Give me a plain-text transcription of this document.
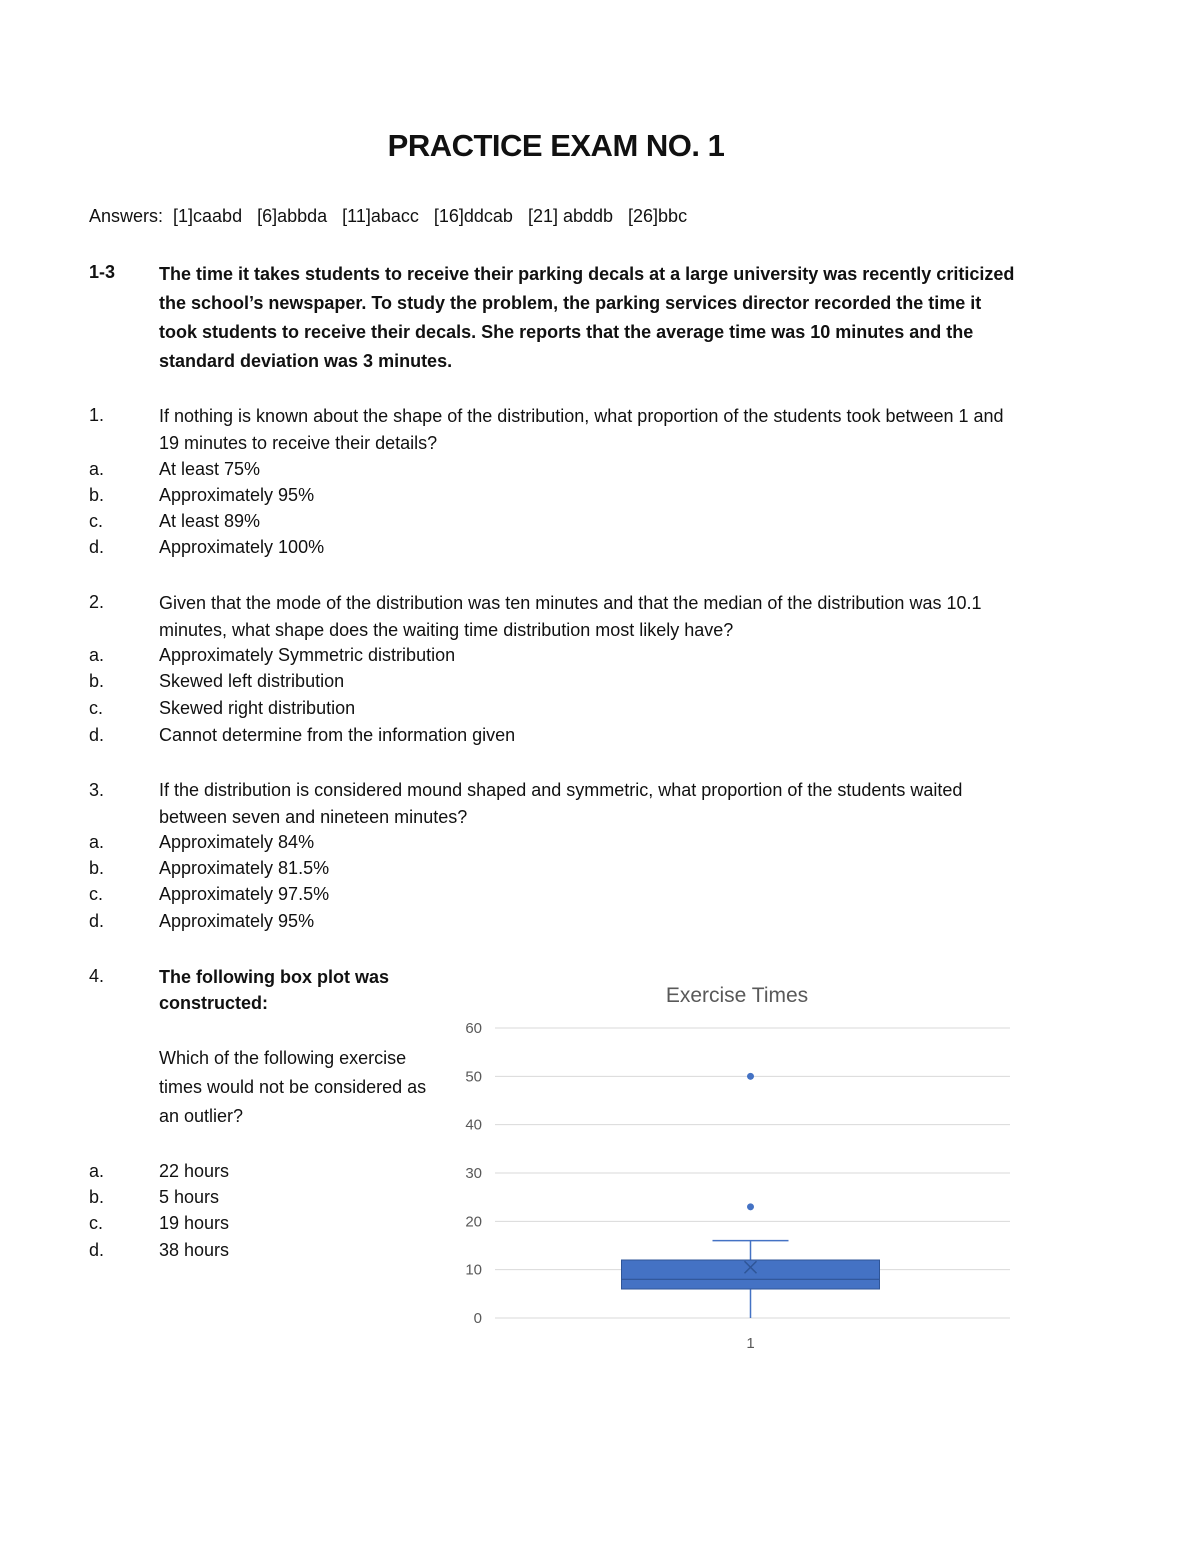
PRACTICE EXAM NO. 1
Answers:  [1]caabd   [6]abbda   [11]abacc   [16]ddcab   [21] abddb   [26]bbc
1-3 The time it takes students to receive their parking decals at a large university was recently criticized the school’s newspaper. To study the problem, the parking services director recorded the time it took students to receive their decals. She reports that the average time was 10 minutes and the standard deviation was 3 minutes.
1.	If nothing is known about the shape of the distribution, what proportion of the students took between 1 and 19 minutes to receive their details?
a.	At least 75%
b.	Approximately 95%
c.	At least 89%
d.	Approximately 100%
2.	Given that the mode of the distribution was ten minutes and that the median of the distribution was 10.1 minutes, what shape does the waiting time distribution most likely have?
a.	Approximately Symmetric distribution
b.	Skewed left distribution
c.	Skewed right distribution
d.	Cannot determine from the information given
3.	If the distribution is considered mound shaped and symmetric, what proportion of the students waited between seven and nineteen minutes?
a.	Approximately 84%
b.	Approximately 81.5%
c.	Approximately 97.5%
d.	Approximately 95%
4.	The following box plot was constructed:
Which of the following exercise times would not be considered as an outlier?
a.	22 hours
b.	5 hours
c.	19 hours
d.	38 hours
Exercise Times
0
10
20
30
40
50
60
1
